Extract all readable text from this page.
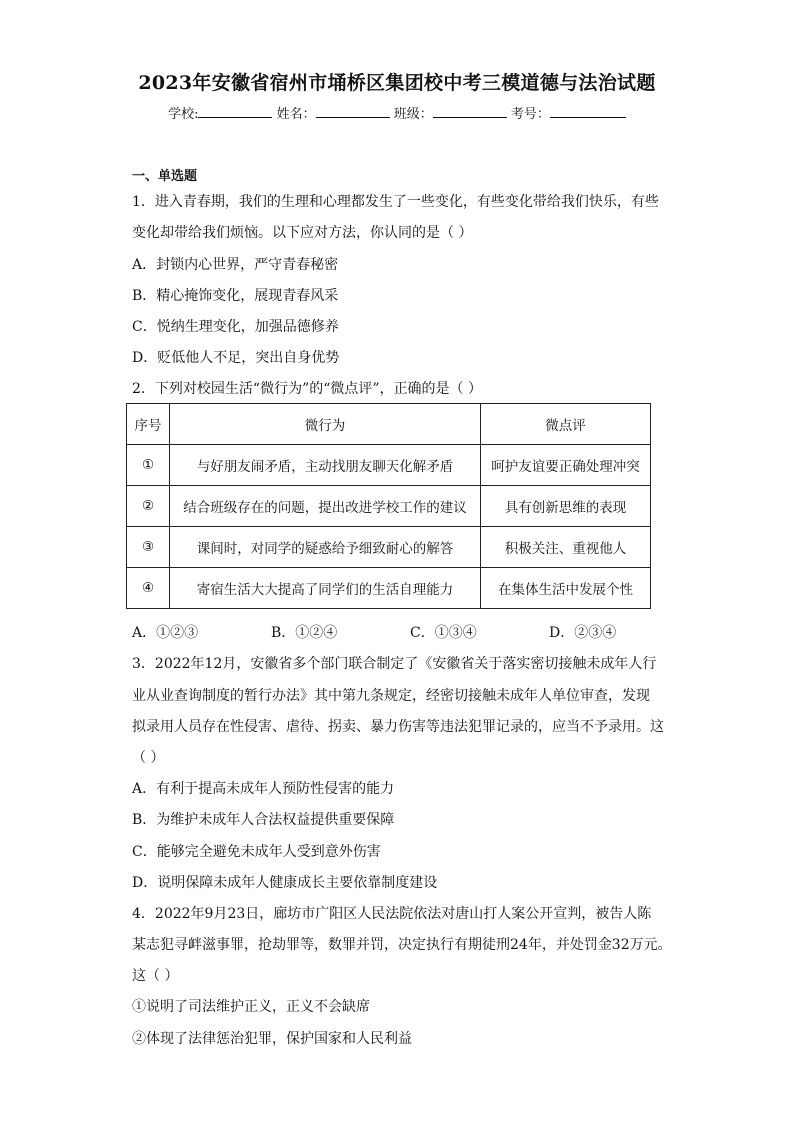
2023年安徽省宿州市埇桥区集团校中考三模道德与法治试题
学校:	姓名：	班级：	考号：
一、单选题
1．进入青春期，我们的生理和心理都发生了一些变化，有些变化带给我们快乐，有些
变化却带给我们烦恼。以下应对方法，你认同的是（ ）
A．封锁内心世界，严守青春秘密
B．精心掩饰变化，展现青春风采
C．悦纳生理变化，加强品德修养
D．贬低他人不足，突出自身优势
2．下列对校园生活“微行为”的“微点评”，正确的是（ ）
序号	微行为	微点评
①	与好朋友闹矛盾，主动找朋友聊天化解矛盾	呵护友谊要正确处理冲突
②	结合班级存在的问题，提出改进学校工作的建议	具有创新思维的表现
③	课间时，对同学的疑惑给予细致耐心的解答	积极关注、重视他人
④	寄宿生活大大提高了同学们的生活自理能力	在集体生活中发展个性
A．①②③	B．①②④	C．①③④	D．②③④
3．2022年12月，安徽省多个部门联合制定了《安徽省关于落实密切接触未成年人行
业从业查询制度的暂行办法》其中第九条规定，经密切接触未成年人单位审查，发现
拟录用人员存在性侵害、虐待、拐卖、暴力伤害等违法犯罪记录的，应当不予录用。这
（ ）
A．有利于提高未成年人预防性侵害的能力
B．为维护未成年人合法权益提供重要保障
C．能够完全避免未成年人受到意外伤害
D．说明保障未成年人健康成长主要依靠制度建设
4．2022年9月23日，廊坊市广阳区人民法院依法对唐山打人案公开宣判，被告人陈
某志犯寻衅滋事罪，抢劫罪等，数罪并罚，决定执行有期徒刑24年，并处罚金32万元。
这（ ）
①说明了司法维护正义，正义不会缺席
②体现了法律惩治犯罪，保护国家和人民利益
